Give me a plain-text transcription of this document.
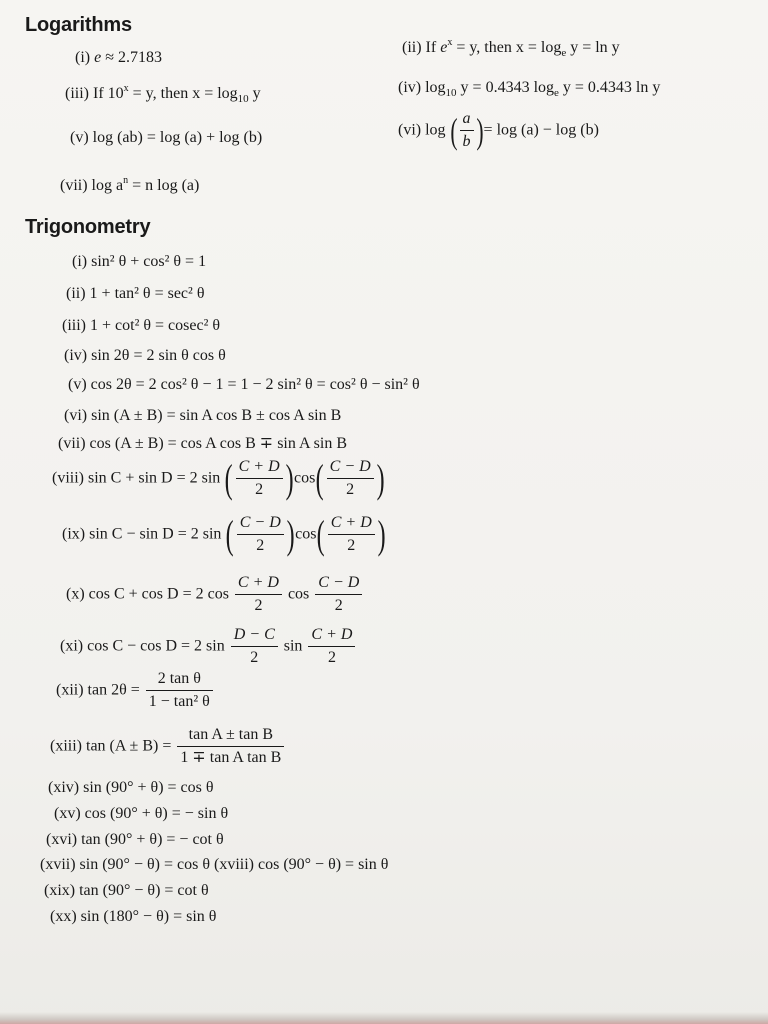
Logarithms
(i) e ≈ 2.7183
(ii) If $e^x = y$, then $x = \log_e y = \ln y$
(iii) If $10^x = y$, then $x = \log_{10} y$	(iv) $\log_{10} y = 0.4343$ $\log_e y = 0.4343$ ln y
(v) log (ab) = log (a) + log (b)	(vi) log ( $\frac{a}{b}$ )= log (a) − log (b)
(vii) $\log a^n = n$ log (a)
Trigonometry
(i) sin² θ + cos² θ = 1
(ii) 1 + tan² θ = sec² θ
(iii) 1 + cot² θ = cosec² θ
(iv) sin 2θ = 2 sin θ cos θ
(v) cos 2θ = 2 cos² θ − 1 = 1 − 2 sin² θ = cos² θ − sin² θ
(vi) sin (A ± B) = sin A cos B ± cos A sin B
(vii) cos (A ± B) = cos A cos B ∓ sin A sin B
(viii) sin C + sin D = 2 sin ( $\frac{C + D}{2} )\cos( \frac{C - D}{2}$ )
(ix) sin C − sin D = 2 sin ( $\frac{C - D}{2} )\cos( \frac{C + D}{2}$ )
(x) cos C + cos D = 2 $\cos \frac{C + D}{2}$ $\cos \frac{C - D}{2}$
(xi) cos C − cos D = 2 $\sin \frac{D - C}{2}$ $\sin \frac{C + D}{2}$
(xii) $\tan 2\theta = \frac{\text{2 tan θ}}{\text{1 − tan² θ}}$
(xiii) $\tan (A \pm B) = \frac{\text{tan A ± tan B}}{\text{1 ∓ tan A tan B}}$
(xiv) sin (90° + θ) = cos θ
(xv) cos (90° + θ) = − sin θ
(xvi) tan (90° + θ) = − cot θ
(xvii) sin (90° − θ) = cos θ (xviii) cos (90° − θ) = sin θ
(xix) tan (90° − θ) = cot θ
(xx) sin (180° − θ) = sin θ
